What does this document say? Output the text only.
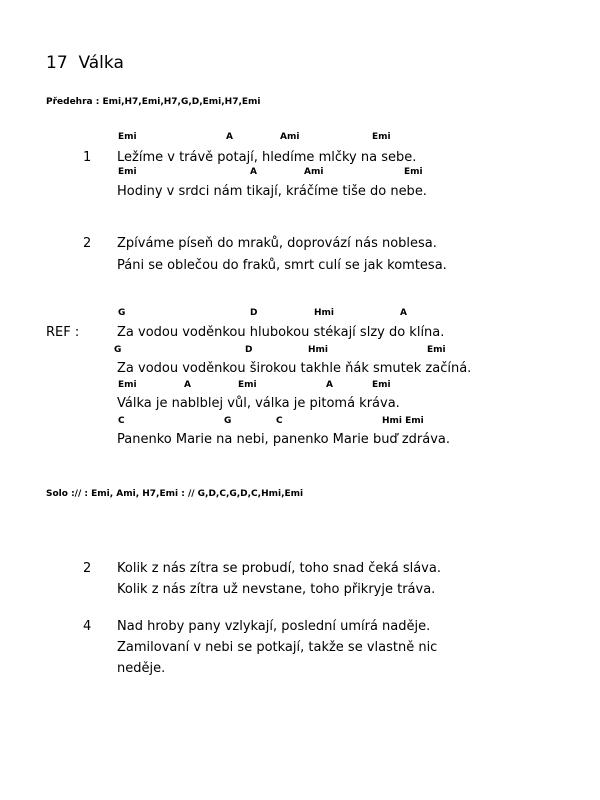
17 Válka
Předehra : Emi,H7,Emi,H7,G,D,Emi,H7,Emi
Emi	A	Ami	Emi
1 Ležíme v trávě potají, hledíme mlčky na sebe.
Emi	A	Ami	Emi
Hodiny v srdci nám tikají, kráčíme tiše do nebe.
2 Zpíváme píseň do mraků, doprovází nás noblesa.
Páni se oblečou do fraků, smrt culí se jak komtesa.
G	D	Hmi	A
REF :	Za vodou voděnkou hlubokou stékají slzy do klína.
G	D	Hmi	Emi
Za vodou voděnkou širokou takhle ňák smutek začíná.
Emi	A	Emi	A	Emi
Válka je nablblej vůl, válka je pitomá kráva.
C	G	C	Hmi Emi
Panenko Marie na nebi, panenko Marie buď zdráva.
Solo :// : Emi, Ami, H7,Emi : // G,D,C,G,D,C,Hmi,Emi
2 Kolik z nás zítra se probudí, toho snad čeká sláva.
Kolik z nás zítra už nevstane, toho přikryje tráva.
4 Nad hroby pany vzlykají, poslední umírá naděje.
Zamilovaní v nebi se potkají, takže se vlastně nic
neděje.
